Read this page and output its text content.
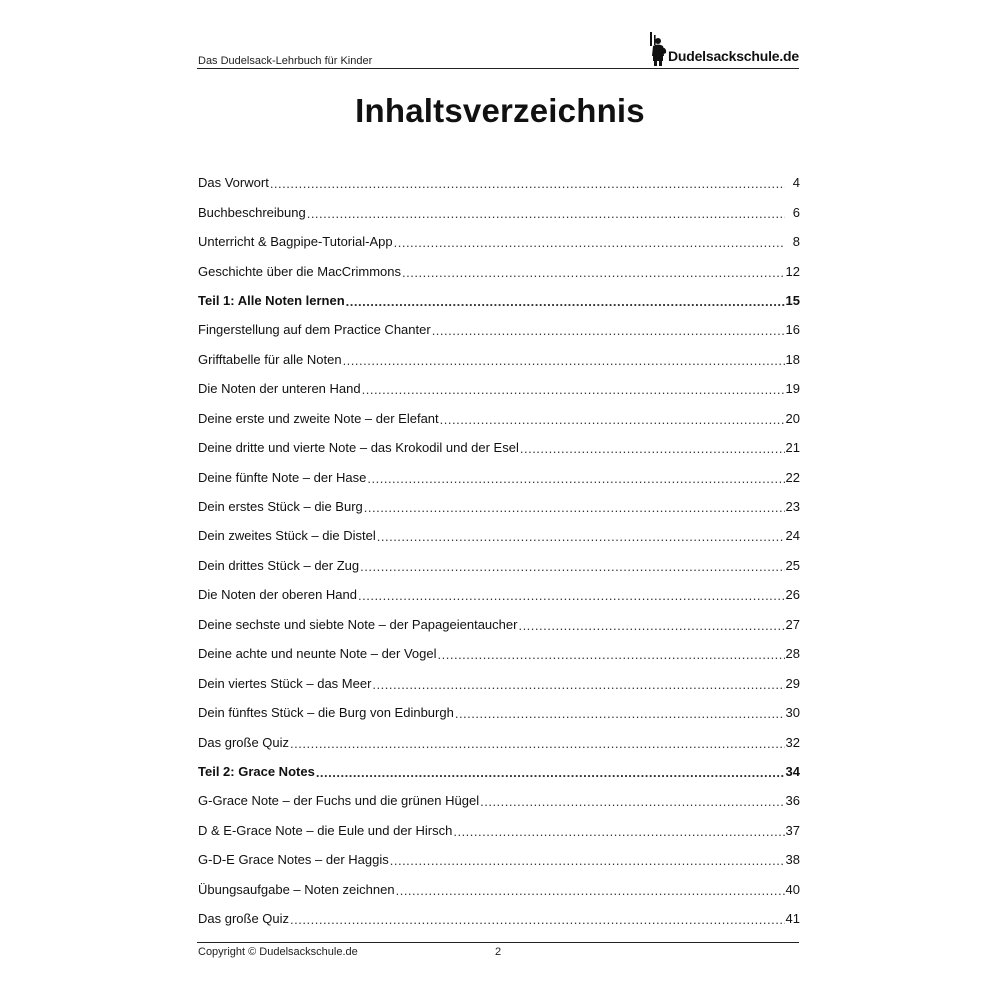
Das Dudelsack-Lehrbuch für Kinder	Dudelsackschule.de
Inhaltsverzeichnis
Das Vorwort .....	4
Buchbeschreibung .....	6
Unterricht & Bagpipe-Tutorial-App .....	8
Geschichte über die MacCrimmons .....	12
Teil 1: Alle Noten lernen .....	15
Fingerstellung auf dem Practice Chanter .....	16
Grifftabelle für alle Noten .....	18
Die Noten der unteren Hand .....	19
Deine erste und zweite Note – der Elefant .....	20
Deine dritte und vierte Note – das Krokodil und der Esel .....	21
Deine fünfte Note – der Hase .....	22
Dein erstes Stück – die Burg .....	23
Dein zweites Stück – die Distel .....	24
Dein drittes Stück – der Zug .....	25
Die Noten der oberen Hand .....	26
Deine sechste und siebte Note – der Papageientaucher .....	27
Deine achte und neunte Note – der Vogel .....	28
Dein viertes Stück – das Meer .....	29
Dein fünftes Stück – die Burg von Edinburgh .....	30
Das große Quiz .....	32
Teil 2: Grace Notes .....	34
G-Grace Note – der Fuchs und die grünen Hügel .....	36
D & E-Grace Note – die Eule und der Hirsch .....	37
G-D-E Grace Notes – der Haggis .....	38
Übungsaufgabe – Noten zeichnen .....	40
Das große Quiz .....	41
Copyright © Dudelsackschule.de	2
